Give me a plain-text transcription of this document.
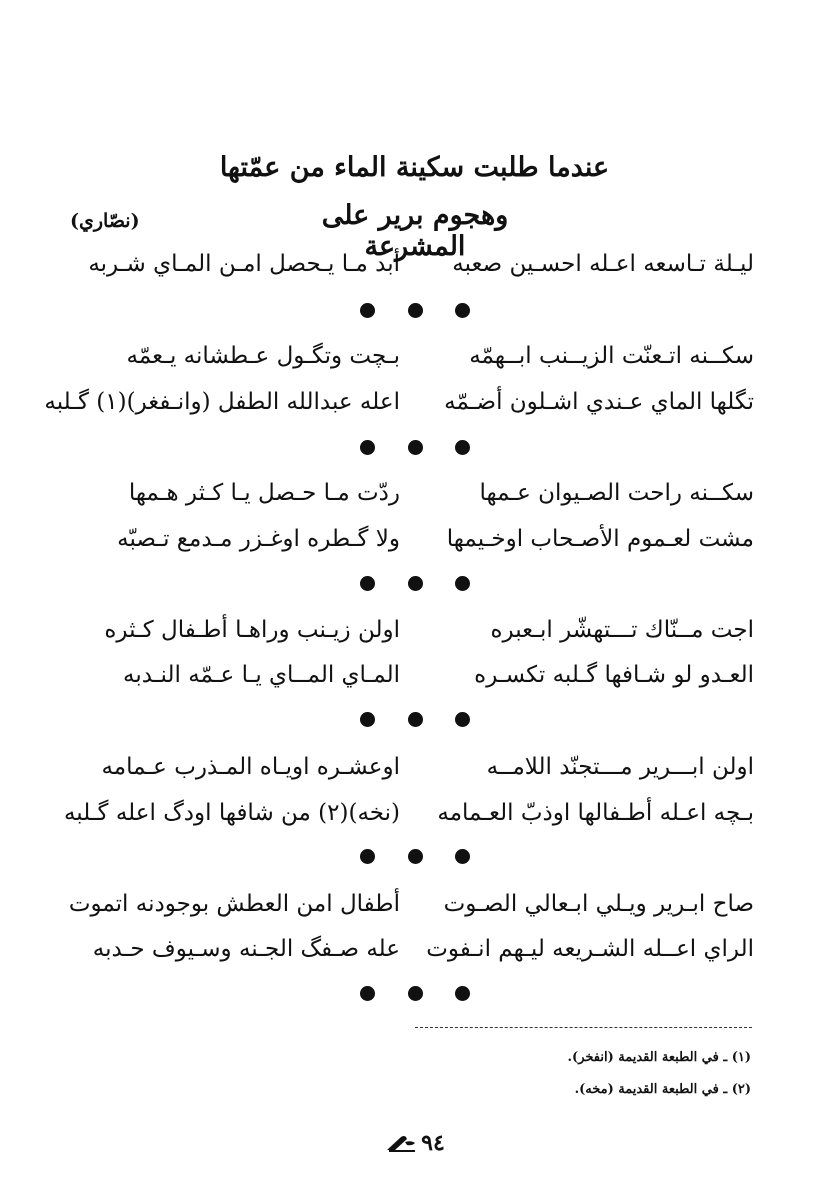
عندما طلبت سكينة الماء من عمّتها
وهجوم برير على المشرعة
(نصّاري)
ليـلة تـاسعه اعـله احسـين صعبه
أبد مـا يـحصل امـن المـاي شـربه
سكــنه اتـعنّت الزيــنب ابــهمّه
بـچت وتگـول عـطشانه يـعمّه
تگلها الماي عـندي اشـلون أضـمّه
اعله عبدالله الطفل (وانـفغر)(١) گـلبه
سكــنه راحت الصـيوان عـمها
ردّت مـا حـصل يـا كـثر هـمها
مشت لعـموم الأصـحاب اوخـيمها
ولا گـطره اوغـزر مـدمع تـصبّه
اجت مــنّاك تـــتهشّر ابـعبره
اولن زيـنب وراهـا أطـفال كـثره
العـدو لو شـافها گـلبه تكسـره
المـاي المــاي يـا عـمّه النـدبه
اولن ابـــرير مـــتجنّد اللامــه
اوعشـره اويـاه المـذرب عـمامه
بـچه اعـله أطـفالها اوذبّ العـمامه
(نخه)(٢) من شافها اودگ اعله گـلبه
صاح ابـرير ويـلي ابـعالي الصـوت
أطفال امن العطش بوجودنه اتموت
الراي اعــله الشـريعه ليـهم انـفوت
عله صـفگ الجـنه وسـيوف حـدبه
(١) ـ في الطبعة القديمة (انفخر).
(٢) ـ في الطبعة القديمة (مخه).
٩٤
